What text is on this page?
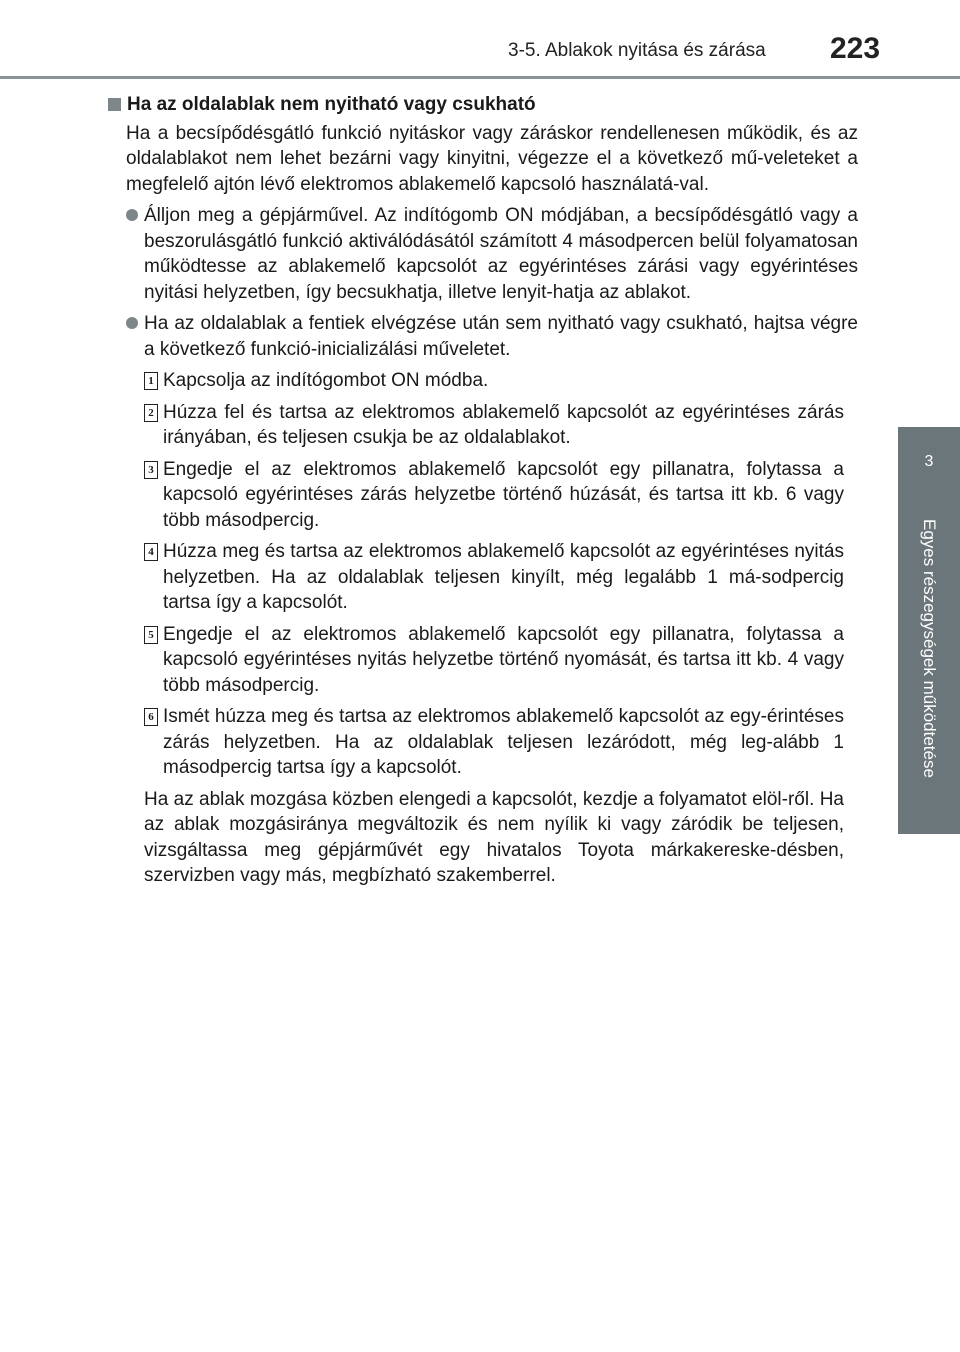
3-5. Ablakok nyitása és zárása 223
3
Egyes részegységek működtetése
Ha az oldalablak nem nyitható vagy csukható
Ha a becsípődésgátló funkció nyitáskor vagy záráskor rendellenesen működik, és az oldalablakot nem lehet bezárni vagy kinyitni, végezze el a következő mű-veleteket a megfelelő ajtón lévő elektromos ablakemelő kapcsoló használatá-val.
Álljon meg a gépjárművel. Az indítógomb ON módjában, a becsípődésgátló vagy a beszorulásgátló funkció aktiválódásától számított 4 másodpercen belül folyamatosan működtesse az ablakemelő kapcsolót az egyérintéses zárási vagy egyérintéses nyitási helyzetben, így becsukhatja, illetve lenyit-hatja az ablakot.
Ha az oldalablak a fentiek elvégzése után sem nyitható vagy csukható, hajtsa végre a következő funkció-inicializálási műveletet.
1 Kapcsolja az indítógombot ON módba.
2 Húzza fel és tartsa az elektromos ablakemelő kapcsolót az egyérintéses zárás irányában, és teljesen csukja be az oldalablakot.
3 Engedje el az elektromos ablakemelő kapcsolót egy pillanatra, folytassa a kapcsoló egyérintéses zárás helyzetbe történő húzását, és tartsa itt kb. 6 vagy több másodpercig.
4 Húzza meg és tartsa az elektromos ablakemelő kapcsolót az egyérintéses nyitás helyzetben. Ha az oldalablak teljesen kinyílt, még legalább 1 má-sodpercig tartsa így a kapcsolót.
5 Engedje el az elektromos ablakemelő kapcsolót egy pillanatra, folytassa a kapcsoló egyérintéses nyitás helyzetbe történő nyomását, és tartsa itt kb. 4 vagy több másodpercig.
6 Ismét húzza meg és tartsa az elektromos ablakemelő kapcsolót az egy-érintéses zárás helyzetben. Ha az oldalablak teljesen lezáródott, még leg-alább 1 másodpercig tartsa így a kapcsolót.
Ha az ablak mozgása közben elengedi a kapcsolót, kezdje a folyamatot elöl-ről. Ha az ablak mozgásiránya megváltozik és nem nyílik ki vagy záródik be teljesen, vizsgáltassa meg gépjárművét egy hivatalos Toyota márkakereske-désben, szervizben vagy más, megbízható szakemberrel.
